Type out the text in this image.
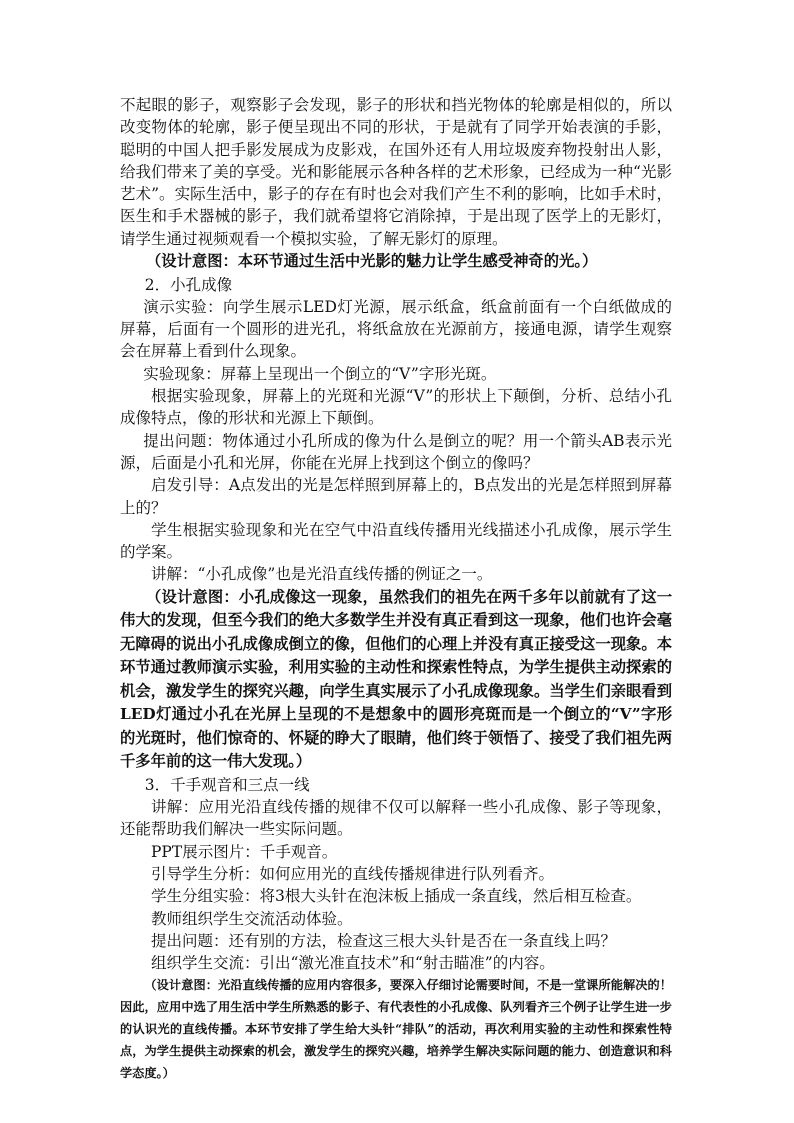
不起眼的影子，观察影子会发现，影子的形状和挡光物体的轮廓是相似的，所以改变物体的轮廓，影子便呈现出不同的形状，于是就有了同学开始表演的手影，聪明的中国人把手影发展成为皮影戏，在国外还有人用垃圾废弃物投射出人影，给我们带来了美的享受。光和影能展示各种各样的艺术形象，已经成为一种“光影艺术”。实际生活中，影子的存在有时也会对我们产生不利的影响，比如手术时，医生和手术器械的影子，我们就希望将它消除掉，于是出现了医学上的无影灯，请学生通过视频观看一个模拟实验，了解无影灯的原理。

（设计意图：本环节通过生活中光影的魅力让学生感受神奇的光。）

2．小孔成像

演示实验：向学生展示LED灯光源，展示纸盒，纸盒前面有一个白纸做成的屏幕，后面有一个圆形的进光孔，将纸盒放在光源前方，接通电源，请学生观察会在屏幕上看到什么现象。

实验现象：屏幕上呈现出一个倒立的“V”字形光斑。

根据实验现象，屏幕上的光斑和光源“V”的形状上下颠倒，分析、总结小孔成像特点，像的形状和光源上下颠倒。

提出问题：物体通过小孔所成的像为什么是倒立的呢？用一个箭头AB表示光源，后面是小孔和光屏，你能在光屏上找到这个倒立的像吗？

启发引导：A点发出的光是怎样照到屏幕上的，B点发出的光是怎样照到屏幕上的？

学生根据实验现象和光在空气中沿直线传播用光线描述小孔成像，展示学生的学案。

讲解：“小孔成像”也是光沿直线传播的例证之一。

（设计意图：小孔成像这一现象，虽然我们的祖先在两千多年以前就有了这一伟大的发现，但至今我们的绝大多数学生并没有真正看到这一现象，他们也许会毫无障碍的说出小孔成像成倒立的像，但他们的心理上并没有真正接受这一现象。本环节通过教师演示实验，利用实验的主动性和探索性特点，为学生提供主动探索的机会，激发学生的探究兴趣，向学生真实展示了小孔成像现象。当学生们亲眼看到LED灯通过小孔在光屏上呈现的不是想象中的圆形亮斑而是一个倒立的“V”字形的光斑时，他们惊奇的、怀疑的睁大了眼睛，他们终于领悟了、接受了我们祖先两千多年前的这一伟大发现。）

3．千手观音和三点一线

讲解：应用光沿直线传播的规律不仅可以解释一些小孔成像、影子等现象，还能帮助我们解决一些实际问题。

PPT展示图片：千手观音。

引导学生分析：如何应用光的直线传播规律进行队列看齐。

学生分组实验：将3根大头针在泡沫板上插成一条直线，然后相互检查。

教师组织学生交流活动体验。

提出问题：还有别的方法，检查这三根大头针是否在一条直线上吗？

组织学生交流：引出“激光准直技术”和“射击瞄准”的内容。

（设计意图：光沿直线传播的应用内容很多，要深入仔细讨论需要时间，不是一堂课所能解决的！因此，应用中选了用生活中学生所熟悉的影子、有代表性的小孔成像、队列看齐三个例子让学生进一步的认识光的直线传播。本环节安排了学生给大头针“排队”的活动，再次利用实验的主动性和探索性特点，为学生提供主动探索的机会，激发学生的探究兴趣，培养学生解决实际问题的能力、创造意识和科学态度。）
